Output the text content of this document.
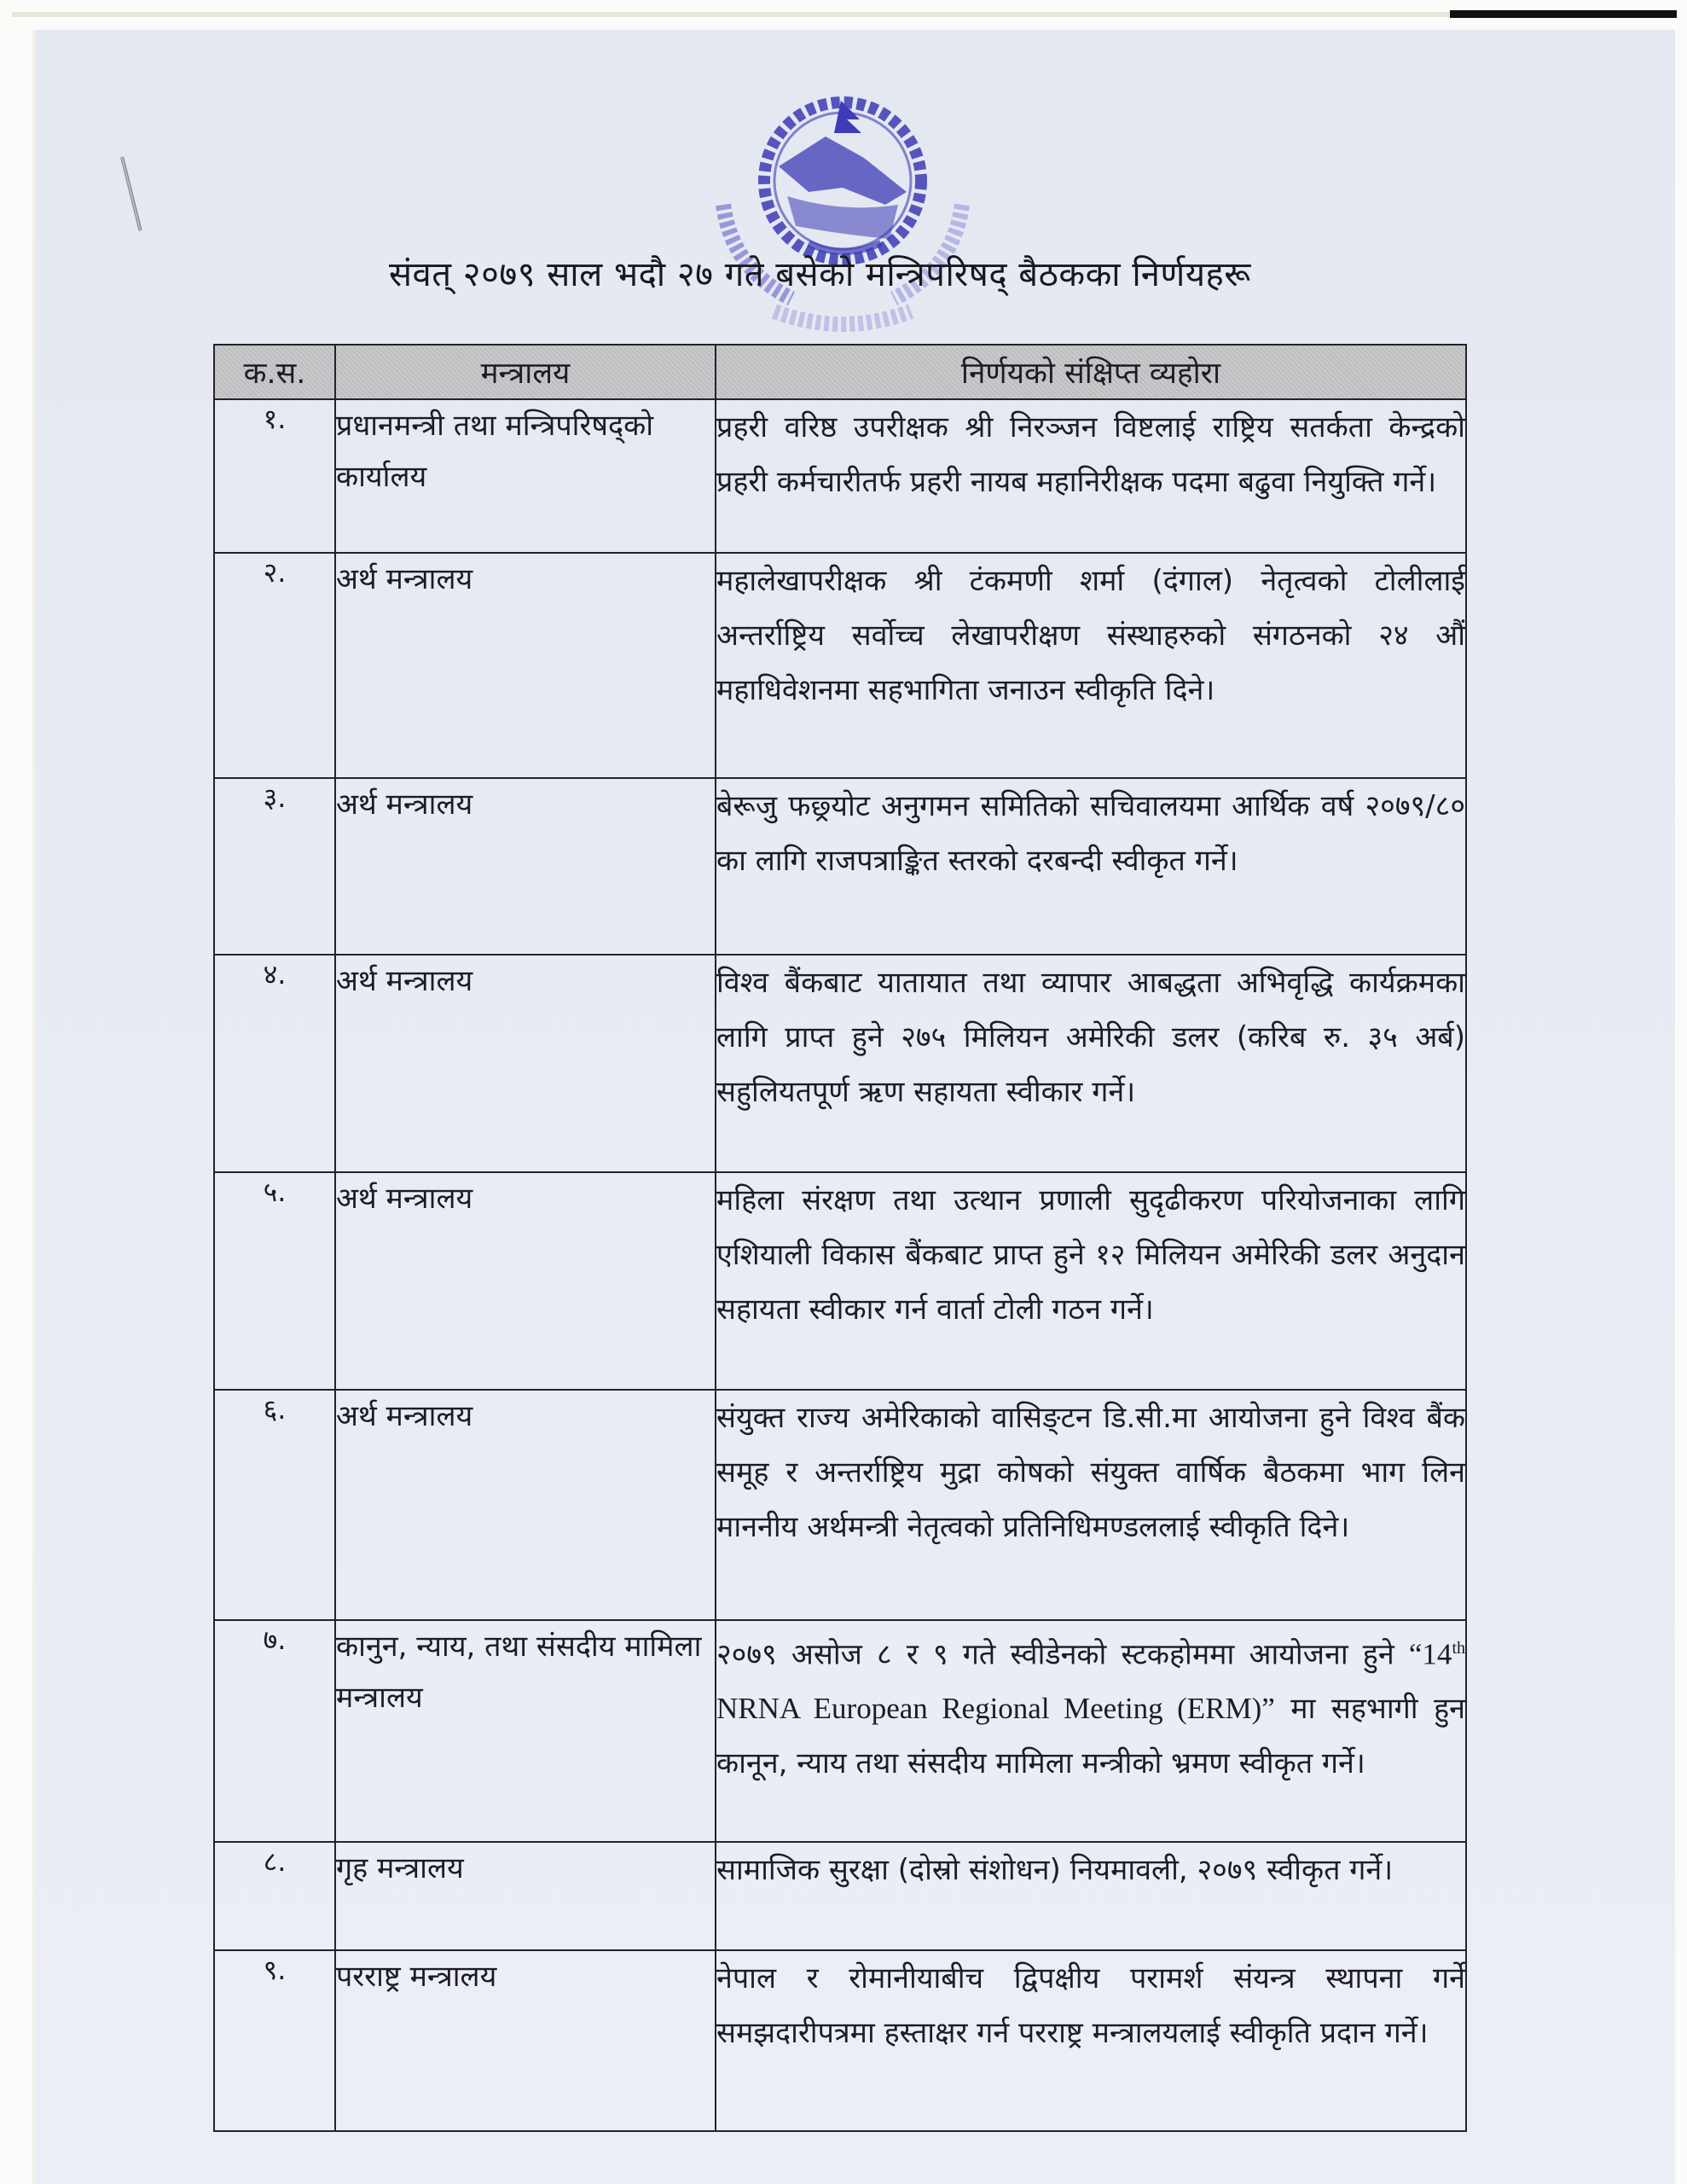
संवत् २०७९ साल भदौ २७ गते बसेको मन्त्रिपरिषद् बैठकका निर्णयहरू
क.स.	मन्त्रालय	निर्णयको संक्षिप्त व्यहोरा
१.	प्रधानमन्त्री तथा मन्त्रिपरिषद्को कार्यालय	प्रहरी वरिष्ठ उपरीक्षक श्री निरञ्जन विष्टलाई राष्ट्रिय सतर्कता केन्द्रको प्रहरी कर्मचारीतर्फ प्रहरी नायब महानिरीक्षक पदमा बढुवा नियुक्ति गर्ने।
२.	अर्थ मन्त्रालय	महालेखापरीक्षक श्री टंकमणी शर्मा (दंगाल) नेतृत्वको टोलीलाई अन्तर्राष्ट्रिय सर्वोच्च लेखापरीक्षण संस्थाहरुको संगठनको २४ औं महाधिवेशनमा सहभागिता जनाउन स्वीकृति दिने।
३.	अर्थ मन्त्रालय	बेरूजु फछ्र्योट अनुगमन समितिको सचिवालयमा आर्थिक वर्ष २०७९/८० का लागि राजपत्राङ्कित स्तरको दरबन्दी स्वीकृत गर्ने।
४.	अर्थ मन्त्रालय	विश्व बैंकबाट यातायात तथा व्यापार आबद्धता अभिवृद्धि कार्यक्रमका लागि प्राप्त हुने २७५ मिलियन अमेरिकी डलर (करिब रु. ३५ अर्ब) सहुलियतपूर्ण ऋण सहायता स्वीकार गर्ने।
५.	अर्थ मन्त्रालय	महिला संरक्षण तथा उत्थान प्रणाली सुदृढीकरण परियोजनाका लागि एशियाली विकास बैंकबाट प्राप्त हुने १२ मिलियन अमेरिकी डलर अनुदान सहायता स्वीकार गर्न वार्ता टोली गठन गर्ने।
६.	अर्थ मन्त्रालय	संयुक्त राज्य अमेरिकाको वासिङ्टन डि.सी.मा आयोजना हुने विश्व बैंक समूह र अन्तर्राष्ट्रिय मुद्रा कोषको संयुक्त वार्षिक बैठकमा भाग लिन माननीय अर्थमन्त्री नेतृत्वको प्रतिनिधिमण्डललाई स्वीकृति दिने।
७.	कानुन, न्याय, तथा संसदीय मामिला मन्त्रालय	२०७९ असोज ८ र ९ गते स्वीडेनको स्टकहोममा आयोजना हुने “14th NRNA European Regional Meeting (ERM)” मा सहभागी हुन कानून, न्याय तथा संसदीय मामिला मन्त्रीको भ्रमण स्वीकृत गर्ने।
८.	गृह मन्त्रालय	सामाजिक सुरक्षा (दोस्रो संशोधन) नियमावली, २०७९ स्वीकृत गर्ने।
९.	परराष्ट्र मन्त्रालय	नेपाल र रोमानीयाबीच द्विपक्षीय परामर्श संयन्त्र स्थापना गर्ने समझदारीपत्रमा हस्ताक्षर गर्न परराष्ट्र मन्त्रालयलाई स्वीकृति प्रदान गर्ने।
